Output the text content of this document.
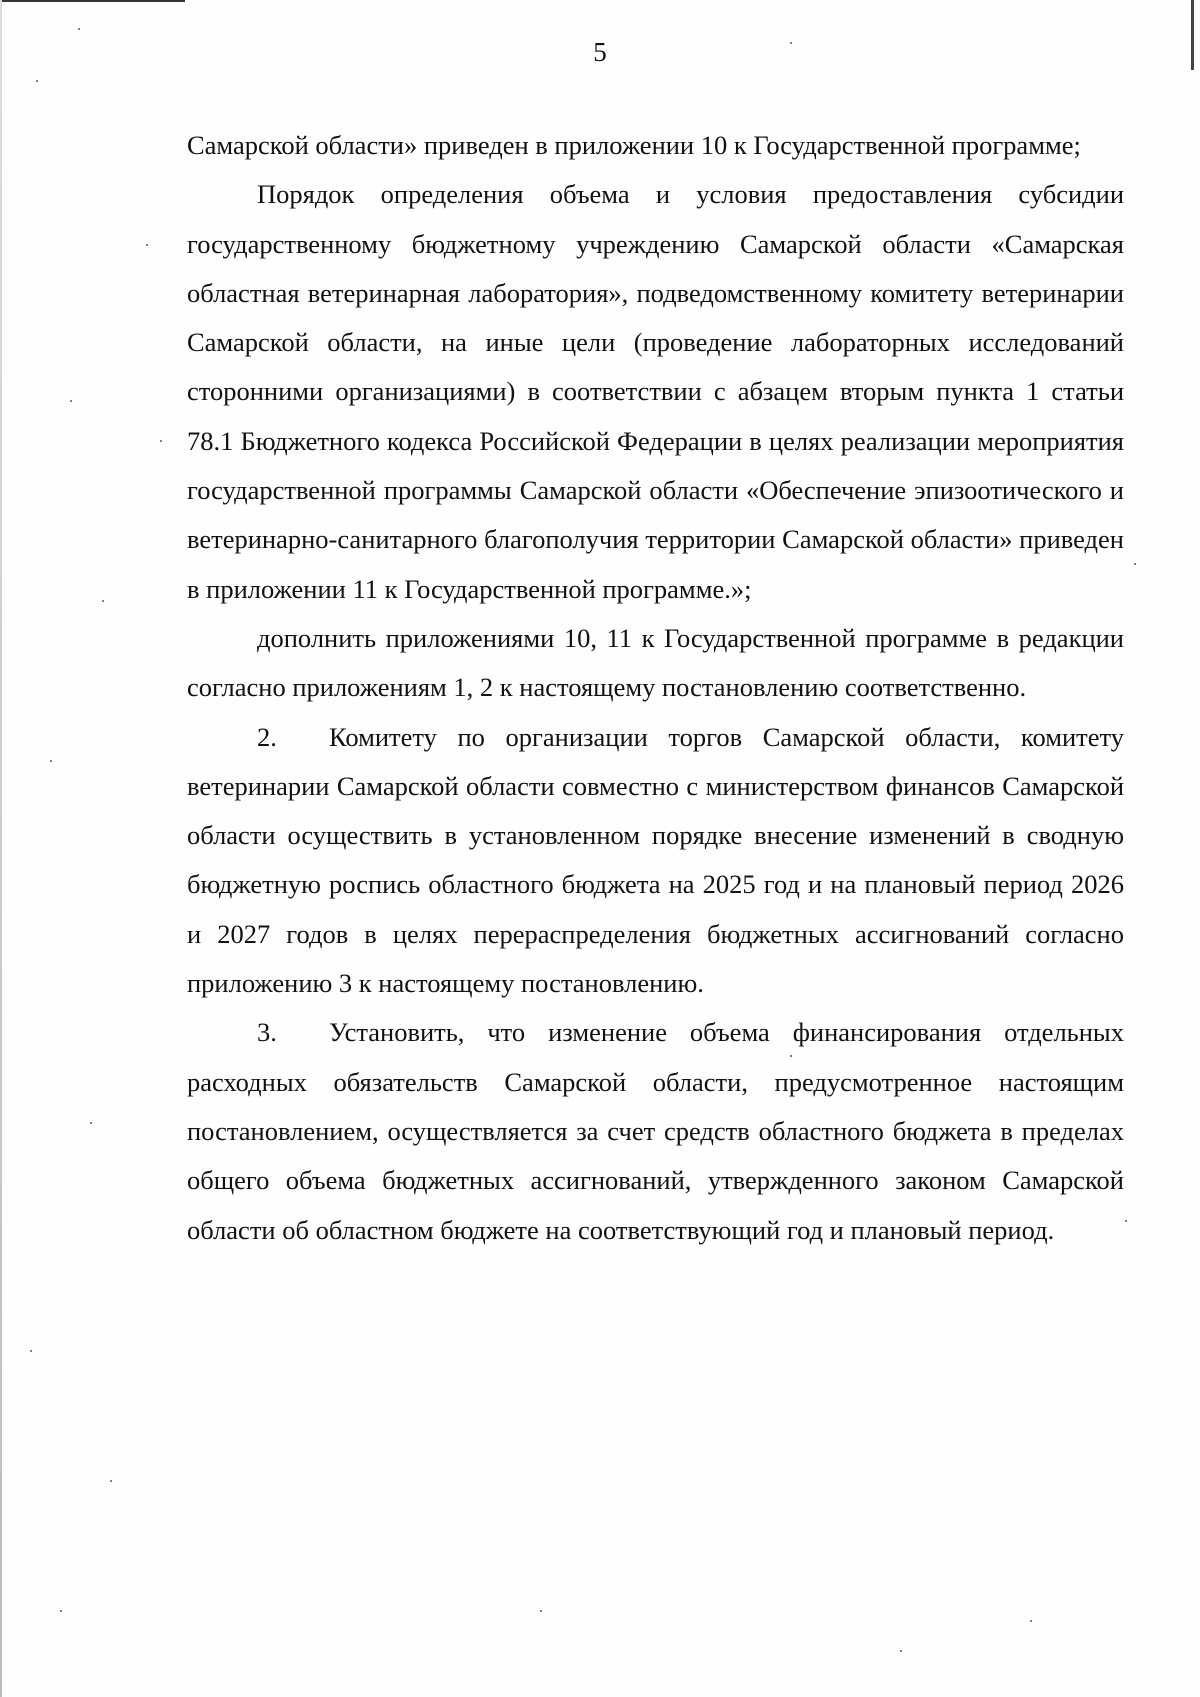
5

Самарской области» приведен в приложении 10 к Государственной программе;

Порядок определения объема и условия предоставления субсидии государственному бюджетному учреждению Самарской области «Самарская областная ветеринарная лаборатория», подведомственному комитету ветеринарии Самарской области, на иные цели (проведение лабораторных исследований сторонними организациями) в соответствии с абзацем вторым пункта 1 статьи 78.1 Бюджетного кодекса Российской Федерации в целях реализации мероприятия государственной программы Самарской области «Обеспечение эпизоотического и ветеринарно-санитарного благополучия территории Самарской области» приведен в приложении 11 к Государственной программе.»;

дополнить приложениями 10, 11 к Государственной программе в редакции согласно приложениям 1, 2 к настоящему постановлению соответственно.

2. Комитету по организации торгов Самарской области, комитету ветеринарии Самарской области совместно с министерством финансов Самарской области осуществить в установленном порядке внесение изменений в сводную бюджетную роспись областного бюджета на 2025 год и на плановый период 2026 и 2027 годов в целях перераспределения бюджетных ассигнований согласно приложению 3 к настоящему постановлению.

3. Установить, что изменение объема финансирования отдельных расходных обязательств Самарской области, предусмотренное настоящим постановлением, осуществляется за счет средств областного бюджета в пределах общего объема бюджетных ассигнований, утвержденного законом Самарской области об областном бюджете на соответствующий год и плановый период.
